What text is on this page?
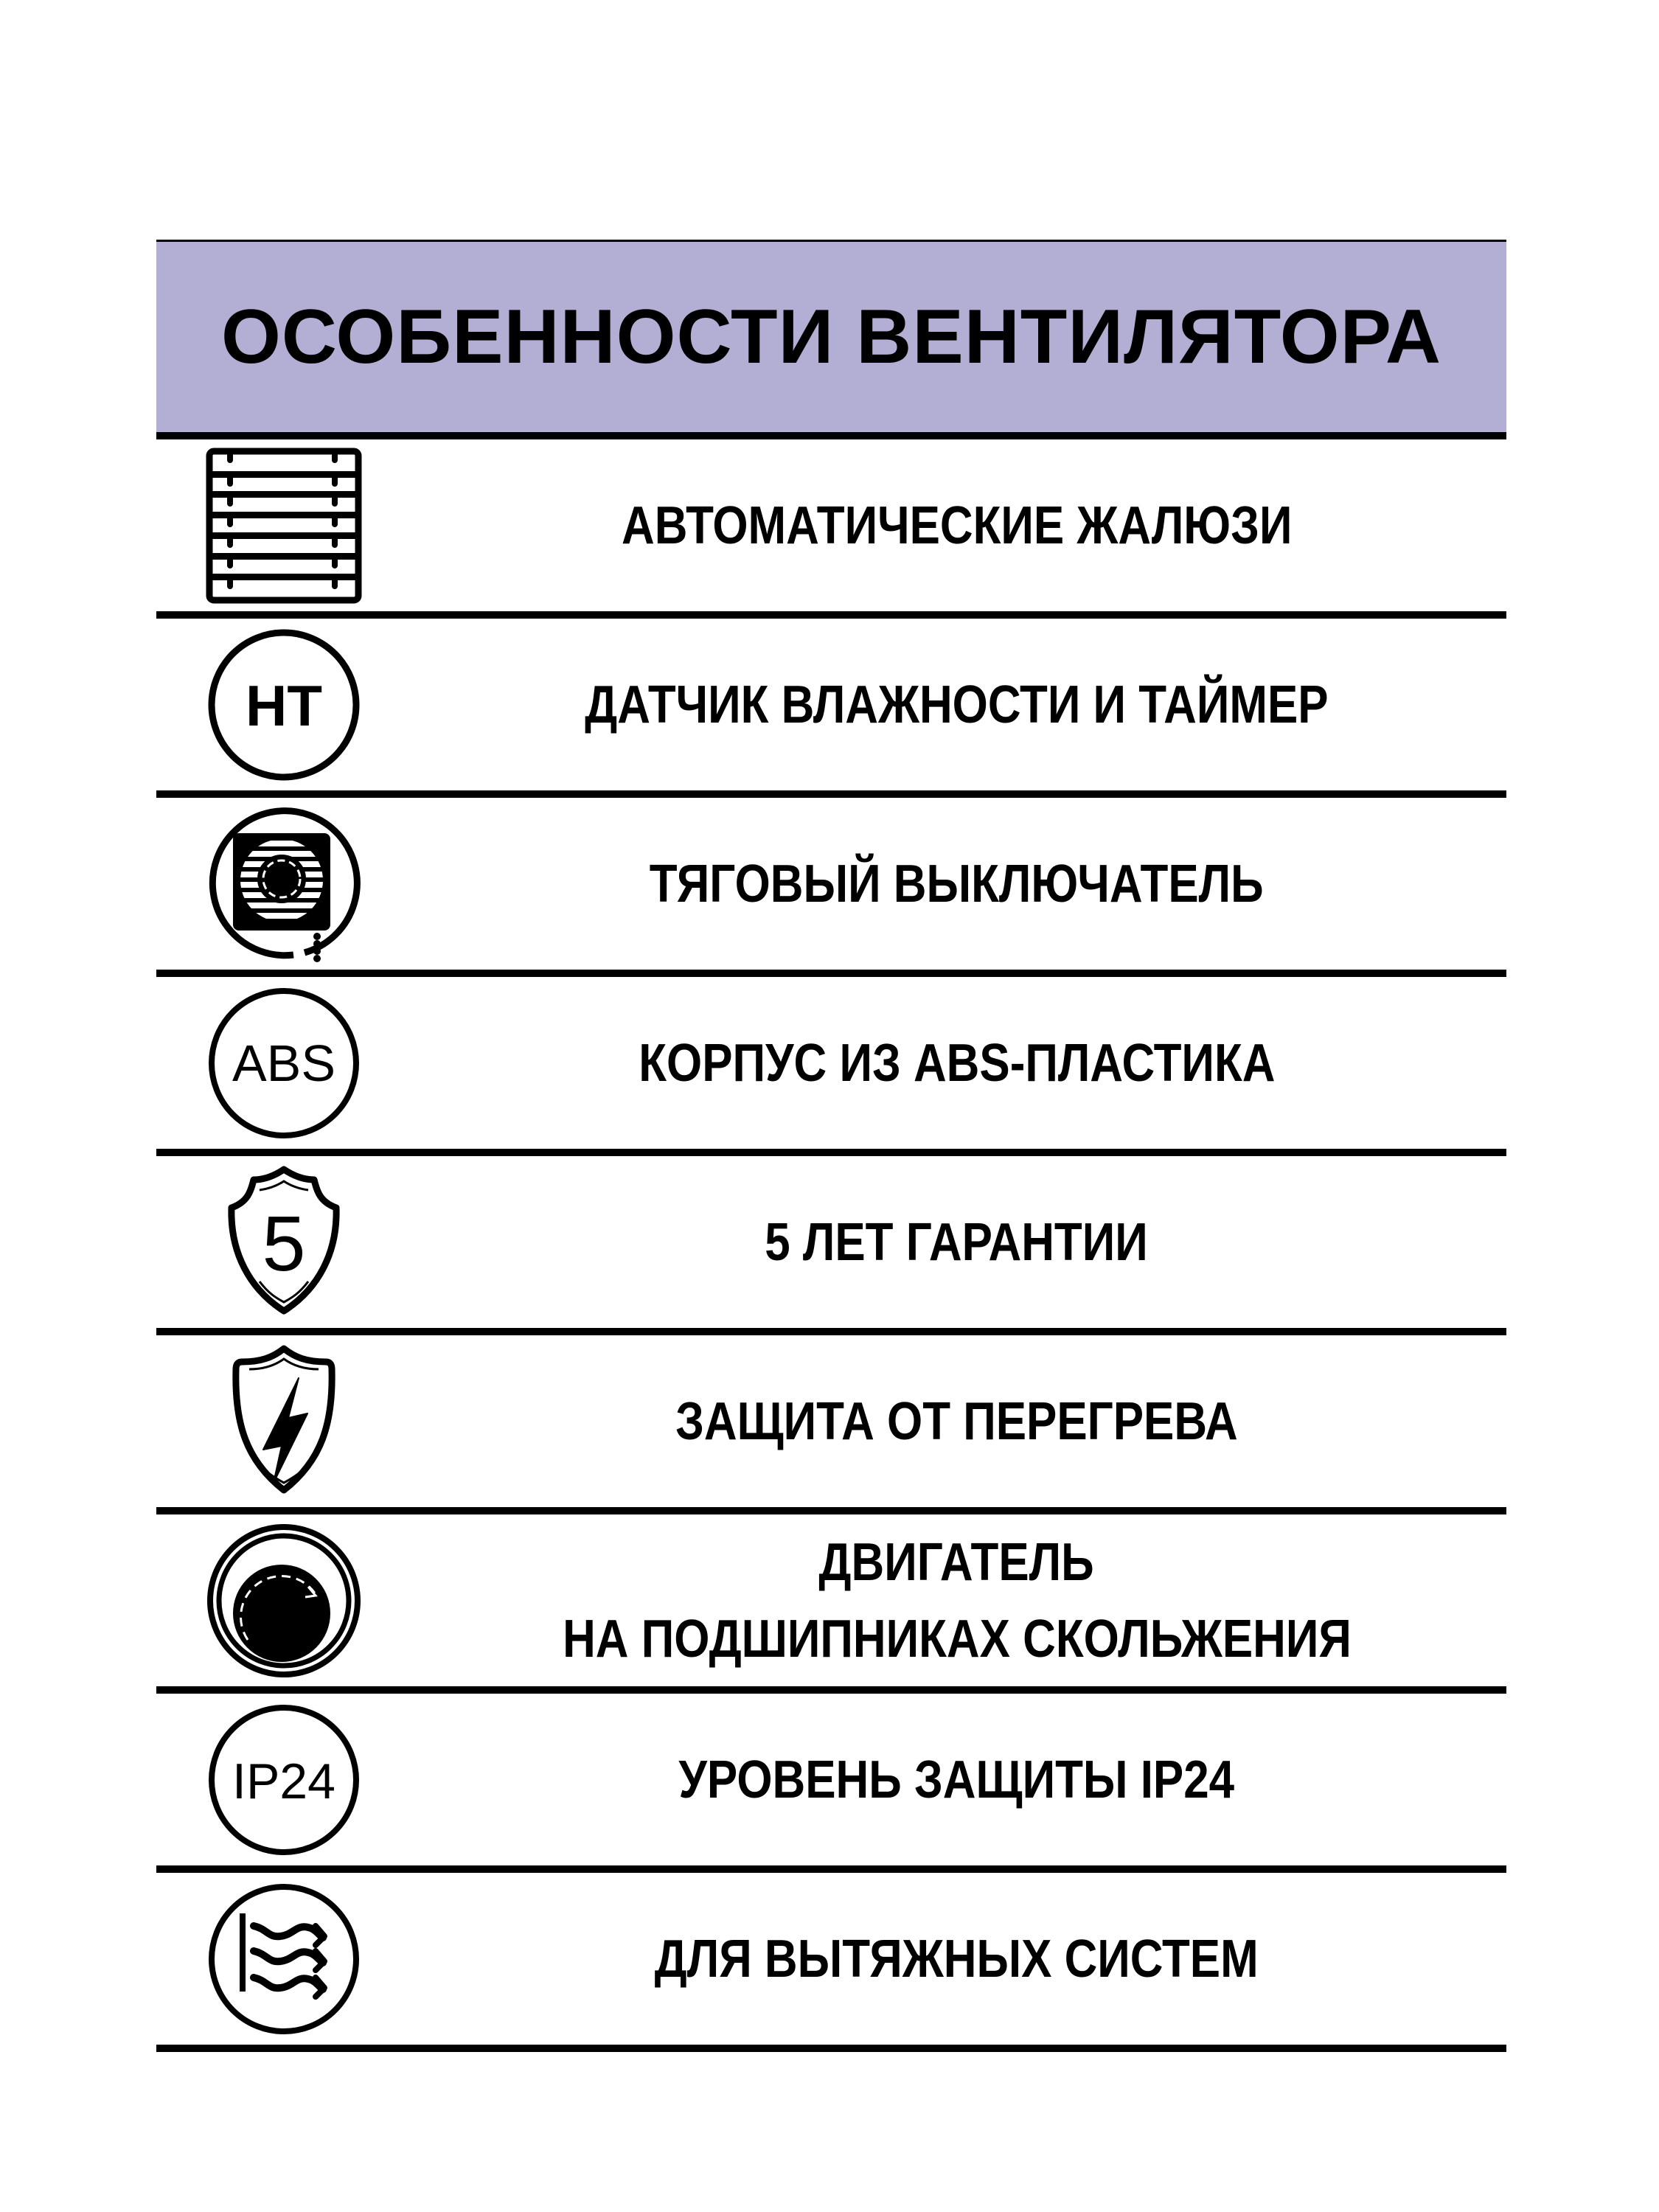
ОСОБЕННОСТИ ВЕНТИЛЯТОРА
АВТОМАТИЧЕСКИЕ ЖАЛЮЗИ
HT	ДАТЧИК ВЛАЖНОСТИ И ТАЙМЕР
ТЯГОВЫЙ ВЫКЛЮЧАТЕЛЬ
ABS	КОРПУС ИЗ ABS-ПЛАСТИКА
5	5 ЛЕТ ГАРАНТИИ
ЗАЩИТА ОТ ПЕРЕГРЕВА
ДВИГАТЕЛЬ
НА ПОДШИПНИКАХ СКОЛЬЖЕНИЯ
IP24	УРОВЕНЬ ЗАЩИТЫ IP24
ДЛЯ ВЫТЯЖНЫХ СИСТЕМ
